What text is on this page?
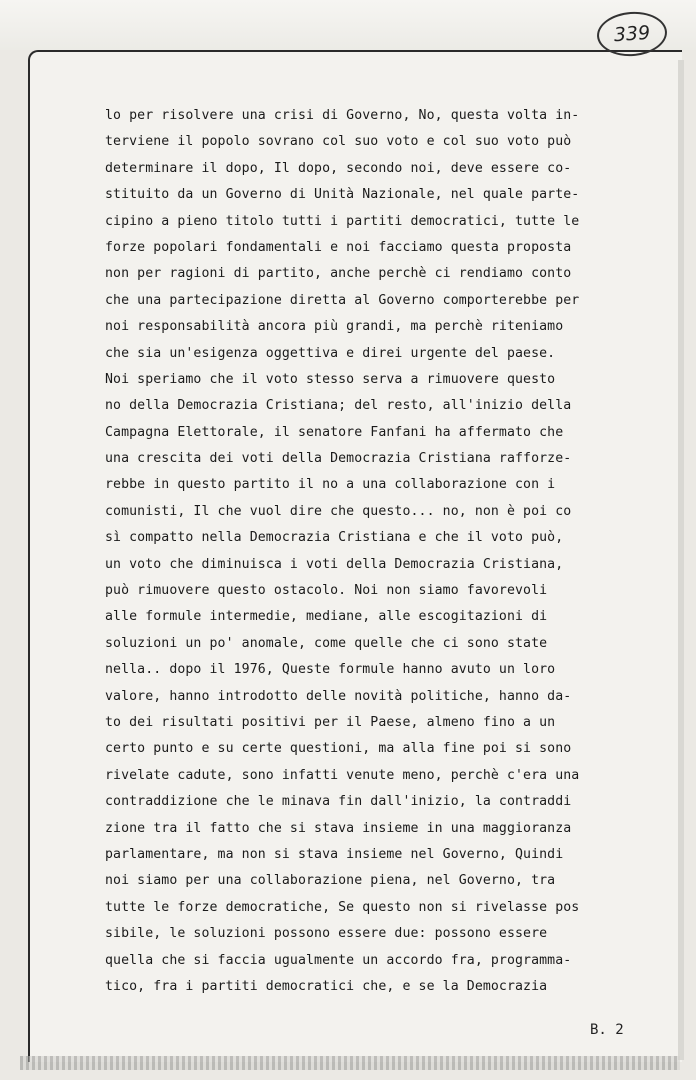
339
lo per risolvere una crisi di Governo, No, questa volta in-
terviene il popolo sovrano col suo voto e col suo voto può
determinare il dopo, Il dopo, secondo noi, deve essere co-
stituito da un Governo di Unità Nazionale, nel quale parte-
cipino a pieno titolo tutti i partiti democratici, tutte le
forze popolari fondamentali e noi facciamo questa proposta
non per ragioni di partito, anche perchè ci rendiamo conto
che una partecipazione diretta al Governo comporterebbe per
noi responsabilità ancora più grandi, ma perchè riteniamo
che sia un'esigenza oggettiva e direi urgente del paese.
Noi speriamo che il voto stesso serva a rimuovere questo
no della Democrazia Cristiana; del resto, all'inizio della
Campagna Elettorale, il senatore Fanfani ha affermato che
una crescita dei voti della Democrazia Cristiana rafforze-
rebbe in questo partito il no a una collaborazione con i
comunisti, Il che vuol dire che questo... no, non è poi co
sì compatto nella Democrazia Cristiana e che il voto può,
un voto che diminuisca i voti della Democrazia Cristiana,
può rimuovere questo ostacolo. Noi non siamo favorevoli
alle formule intermedie, mediane, alle escogitazioni di
soluzioni un po' anomale, come quelle che ci sono state
nella.. dopo il 1976, Queste formule hanno avuto un loro
valore, hanno introdotto delle novità politiche, hanno da-
to dei risultati positivi per il Paese, almeno fino a un
certo punto e su certe questioni, ma alla fine poi si sono
rivelate cadute, sono infatti venute meno, perchè c'era una
contraddizione che le minava fin dall'inizio, la contraddi
zione tra il fatto che si stava insieme in una maggioranza
parlamentare, ma non si stava insieme nel Governo, Quindi
noi siamo per una collaborazione piena, nel Governo, tra
tutte le forze democratiche, Se questo non si rivelasse pos
sibile, le soluzioni possono essere due: possono essere
quella che si faccia ugualmente un accordo fra, programma-
tico, fra i partiti democratici che, e se la Democrazia
B. 2
